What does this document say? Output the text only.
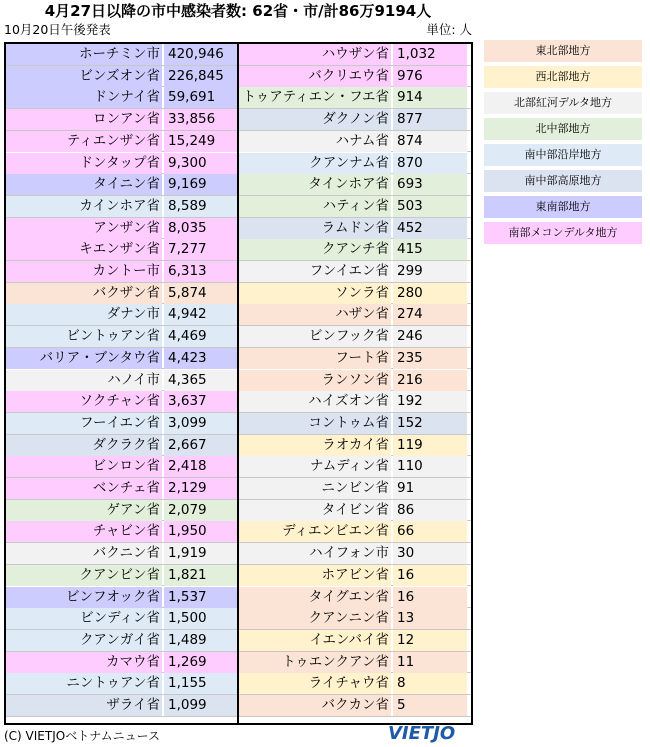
4月27日以降の市中感染者数: 62省・市/計86万9194人
10月20日午後発表	単位: 人
ホーチミン市 420,946
ビンズオン省 226,845
ドンナイ省 59,691
ロンアン省 33,856
ティエンザン省 15,249
ドンタップ省 9,300
タイニン省 9,169
カインホア省 8,589
アンザン省 8,035
キエンザン省 7,277
カントー市 6,313
バクザン省 5,874
ダナン市 4,942
ビントゥアン省 4,469
バリア・ブンタウ省 4,423
ハノイ市 4,365
ソクチャン省 3,637
フーイエン省 3,099
ダクラク省 2,667
ビンロン省 2,418
ベンチェ省 2,129
ゲアン省 2,079
チャビン省 1,950
バクニン省 1,919
クアンビン省 1,821
ビンフオック省 1,537
ビンディン省 1,500
クアンガイ省 1,489
カマウ省 1,269
ニントゥアン省 1,155
ザライ省 1,099
ハウザン省 1,032
バクリエウ省 976
トゥアティエン・フエ省 914
ダクノン省 877
ハナム省 874
クアンナム省 870
タインホア省 693
ハティン省 503
ラムドン省 452
クアンチ省 415
フンイエン省 299
ソンラ省 280
ハザン省 274
ビンフック省 246
フート省 235
ランソン省 216
ハイズオン省 192
コントゥム省 152
ラオカイ省 119
ナムディン省 110
ニンビン省 91
タイビン省 86
ディエンビエン省 66
ハイフォン市 30
ホアビン省 16
タイグエン省 16
クアンニン省 13
イエンバイ省 12
トゥエンクアン省 11
ライチャウ省 8
バクカン省 5
東北部地方
西北部地方
北部紅河デルタ地方
北中部地方
南中部沿岸地方
南中部高原地方
東南部地方
南部メコンデルタ地方
(C) VIETJOベトナムニュース	VIETJO
